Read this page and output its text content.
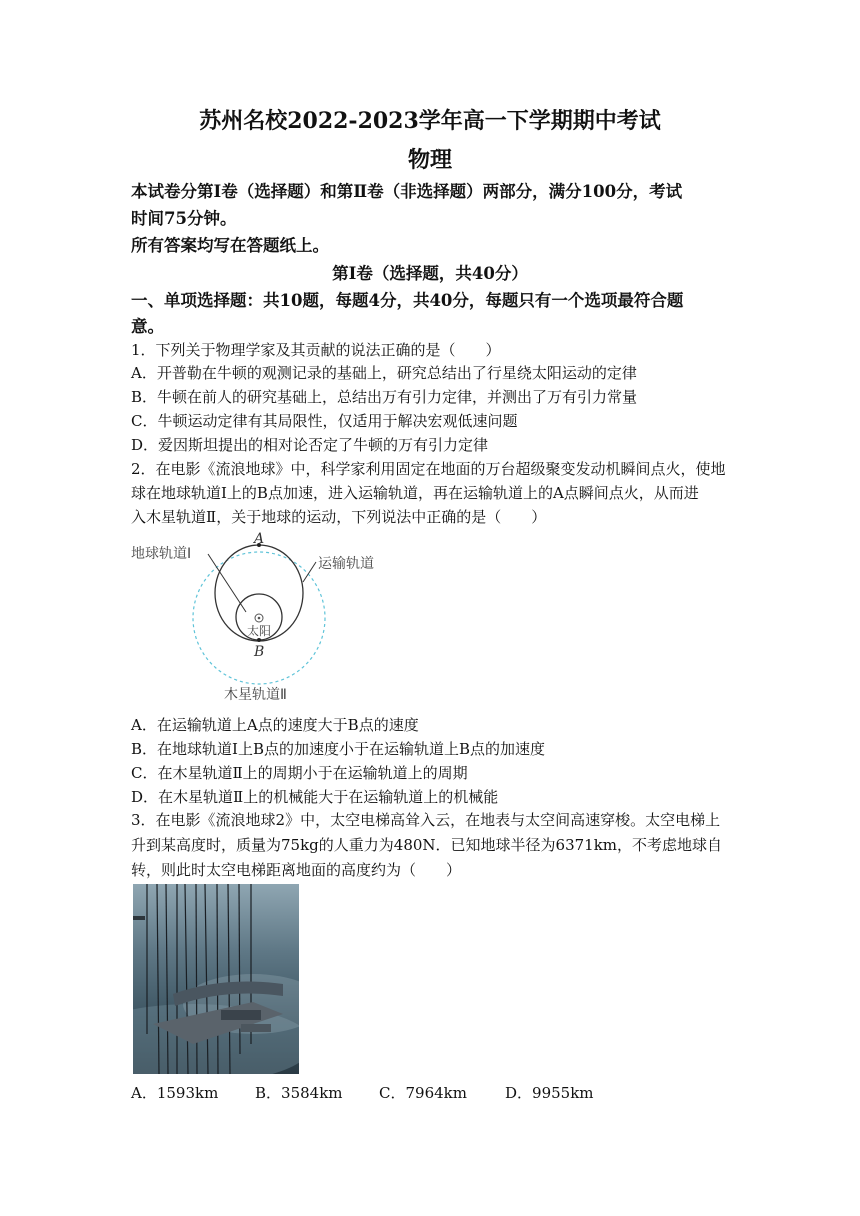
苏州名校2022-2023学年高一下学期期中考试
物理
本试卷分第Ⅰ卷（选择题）和第Ⅱ卷（非选择题）两部分，满分100分，考试
时间75分钟。
所有答案均写在答题纸上。
第Ⅰ卷（选择题，共40分）
一、单项选择题：共10题，每题4分，共40分，每题只有一个选项最符合题
意。
1．下列关于物理学家及其贡献的说法正确的是（　　）
A．开普勒在牛顿的观测记录的基础上，研究总结出了行星绕太阳运动的定律
B．牛顿在前人的研究基础上，总结出万有引力定律，并测出了万有引力常量
C．牛顿运动定律有其局限性，仅适用于解决宏观低速问题
D．爱因斯坦提出的相对论否定了牛顿的万有引力定律
2．在电影《流浪地球》中，科学家利用固定在地面的万台超级聚变发动机瞬间点火，使地
球在地球轨道Ⅰ上的B点加速，进入运输轨道，再在运输轨道上的A点瞬间点火，从而进
入木星轨道Ⅱ，关于地球的运动，下列说法中正确的是（　　）
地球轨道Ⅰ
运输轨道
A
太阳
B
木星轨道Ⅱ
A．在运输轨道上A点的速度大于B点的速度
B．在地球轨道Ⅰ上B点的加速度小于在运输轨道上B点的加速度
C．在木星轨道Ⅱ上的周期小于在运输轨道上的周期
D．在木星轨道Ⅱ上的机械能大于在运输轨道上的机械能
3．在电影《流浪地球2》中，太空电梯高耸入云，在地表与太空间高速穿梭。太空电梯上
升到某高度时，质量为75kg的人重力为480N．已知地球半径为6371km，不考虑地球自
转，则此时太空电梯距离地面的高度约为（　　）
A．1593km B．3584km C．7964km	D．9955km
